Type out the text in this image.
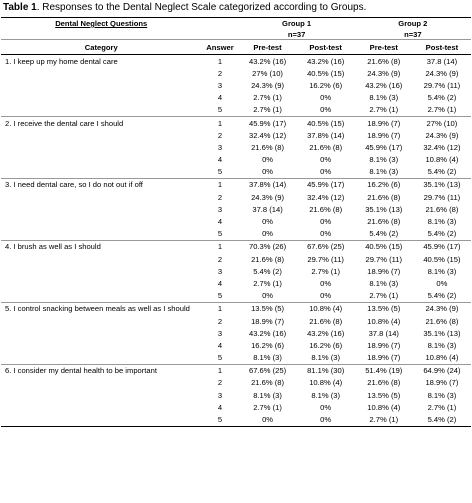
Table 1. Responses to the Dental Neglect Scale categorized according to Groups.
Dental Neglect Questions		Group 1		Group 2	
		n=37		n=37	
Category	Answer	Pre-test	Post-test	Pre-test	Post-test
1. I keep up my home dental care	1	43.2% (16)	43.2% (16)	21.6% (8)	37.8 (14)
	2	27% (10)	40.5% (15)	24.3% (9)	24.3% (9)
	3	24.3% (9)	16.2% (6)	43.2% (16)	29.7% (11)
	4	2.7% (1)	0%	8.1% (3)	5.4% (2)
	5	2.7% (1)	0%	2.7% (1)	2.7% (1)
2. I receive the dental care I should	1	45.9% (17)	40.5% (15)	18.9% (7)	27% (10)
	2	32.4% (12)	37.8% (14)	18.9% (7)	24.3% (9)
	3	21.6% (8)	21.6% (8)	45.9% (17)	32.4% (12)
	4	0%	0%	8.1% (3)	10.8% (4)
	5	0%	0%	8.1% (3)	5.4% (2)
3. I need dental care, so I do not out if off	1	37.8% (14)	45.9% (17)	16.2% (6)	35.1% (13)
	2	24.3% (9)	32.4% (12)	21.6% (8)	29.7% (11)
	3	37.8 (14)	21.6% (8)	35.1% (13)	21.6% (8)
	4	0%	0%	21.6% (8)	8.1% (3)
	5	0%	0%	5.4% (2)	5.4% (2)
4. I brush as well as I should	1	70.3% (26)	67.6% (25)	40.5% (15)	45.9% (17)
	2	21.6% (8)	29.7% (11)	29.7% (11)	40.5% (15)
	3	5.4% (2)	2.7% (1)	18.9% (7)	8.1% (3)
	4	2.7% (1)	0%	8.1% (3)	0%
	5	0%	0%	2.7% (1)	5.4% (2)
5. I control snacking between meals as well as I should	1	13.5% (5)	10.8% (4)	13.5% (5)	24.3% (9)
	2	18.9% (7)	21.6% (8)	10.8% (4)	21.6% (8)
	3	43.2% (16)	43.2% (16)	37.8 (14)	35.1% (13)
	4	16.2% (6)	16.2% (6)	18.9% (7)	8.1% (3)
	5	8.1% (3)	8.1% (3)	18.9% (7)	10.8% (4)
6. I consider my dental health to be important	1	67.6% (25)	81.1% (30)	51.4% (19)	64.9% (24)
	2	21.6% (8)	10.8% (4)	21.6% (8)	18.9% (7)
	3	8.1% (3)	8.1% (3)	13.5% (5)	8.1% (3)
	4	2.7% (1)	0%	10.8% (4)	2.7% (1)
	5	0%	0%	2.7% (1)	5.4% (2)
